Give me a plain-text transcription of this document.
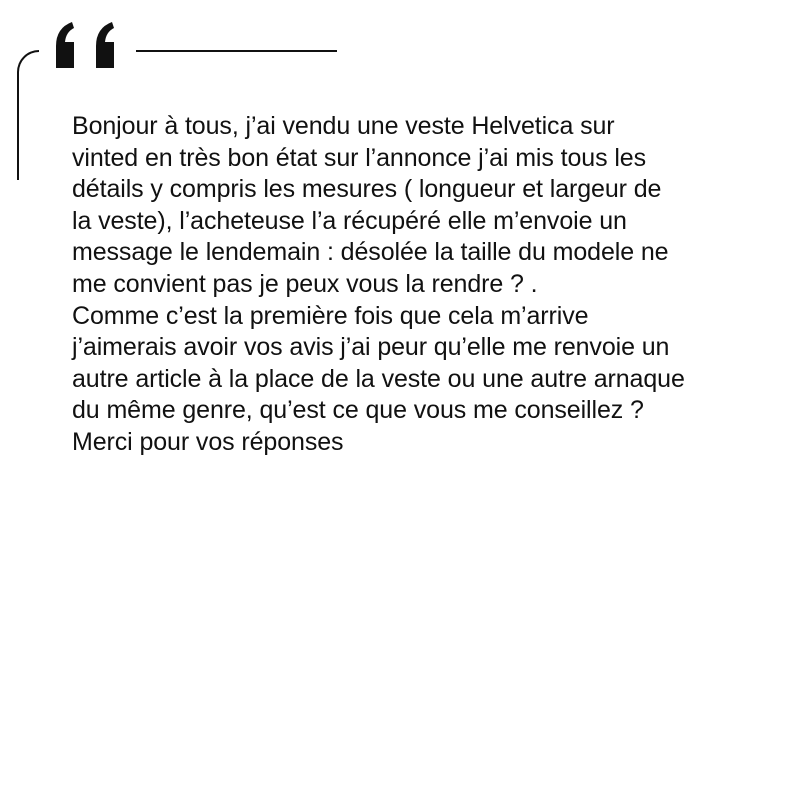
Bonjour à tous, j’ai vendu une veste Helvetica sur
vinted en très bon état sur l’annonce j’ai mis tous les
détails y compris les mesures ( longueur et largeur de
la veste), l’acheteuse l’a récupéré elle m’envoie un
message le lendemain : désolée la taille du modele ne
me convient pas je peux vous la rendre ? .
Comme c’est la première fois que cela m’arrive
j’aimerais avoir vos avis j’ai peur qu’elle me renvoie un
autre article à la place de la veste ou une autre arnaque
du même genre, qu’est ce que vous me conseillez ?
Merci pour vos réponses
